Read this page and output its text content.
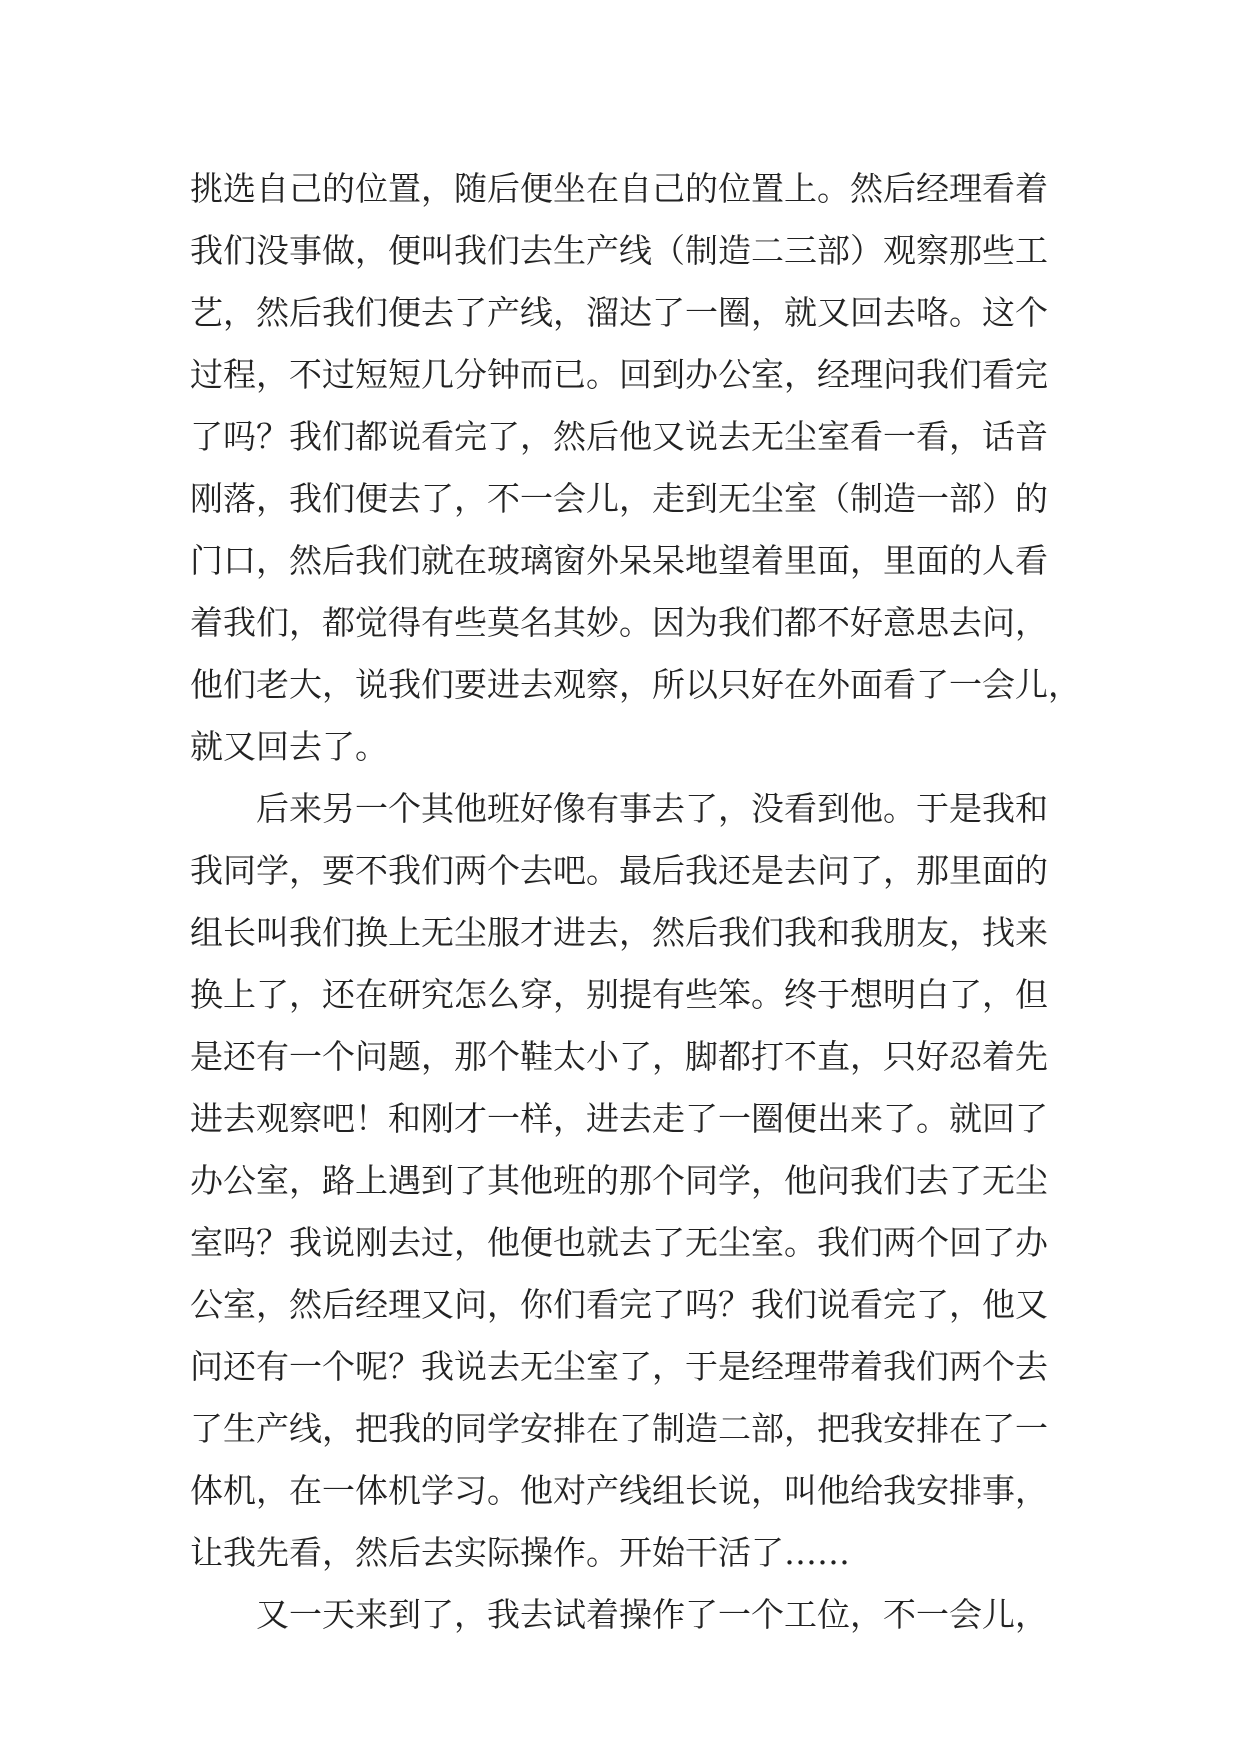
挑选自己的位置，随后便坐在自己的位置上。然后经理看着
我们没事做，便叫我们去生产线（制造二三部）观察那些工
艺，然后我们便去了产线，溜达了一圈，就又回去咯。这个
过程，不过短短几分钟而已。回到办公室，经理问我们看完
了吗？我们都说看完了，然后他又说去无尘室看一看，话音
刚落，我们便去了，不一会儿，走到无尘室（制造一部）的
门口，然后我们就在玻璃窗外呆呆地望着里面，里面的人看
着我们，都觉得有些莫名其妙。因为我们都不好意思去问，
他们老大，说我们要进去观察，所以只好在外面看了一会儿，
就又回去了。
后来另一个其他班好像有事去了，没看到他。于是我和
我同学，要不我们两个去吧。最后我还是去问了，那里面的
组长叫我们换上无尘服才进去，然后我们我和我朋友，找来
换上了，还在研究怎么穿，别提有些笨。终于想明白了，但
是还有一个问题，那个鞋太小了，脚都打不直，只好忍着先
进去观察吧！和刚才一样，进去走了一圈便出来了。就回了
办公室，路上遇到了其他班的那个同学，他问我们去了无尘
室吗？我说刚去过，他便也就去了无尘室。我们两个回了办
公室，然后经理又问，你们看完了吗？我们说看完了，他又
问还有一个呢？我说去无尘室了，于是经理带着我们两个去
了生产线，把我的同学安排在了制造二部，把我安排在了一
体机，在一体机学习。他对产线组长说，叫他给我安排事，
让我先看，然后去实际操作。开始干活了……
又一天来到了，我去试着操作了一个工位，不一会儿，
